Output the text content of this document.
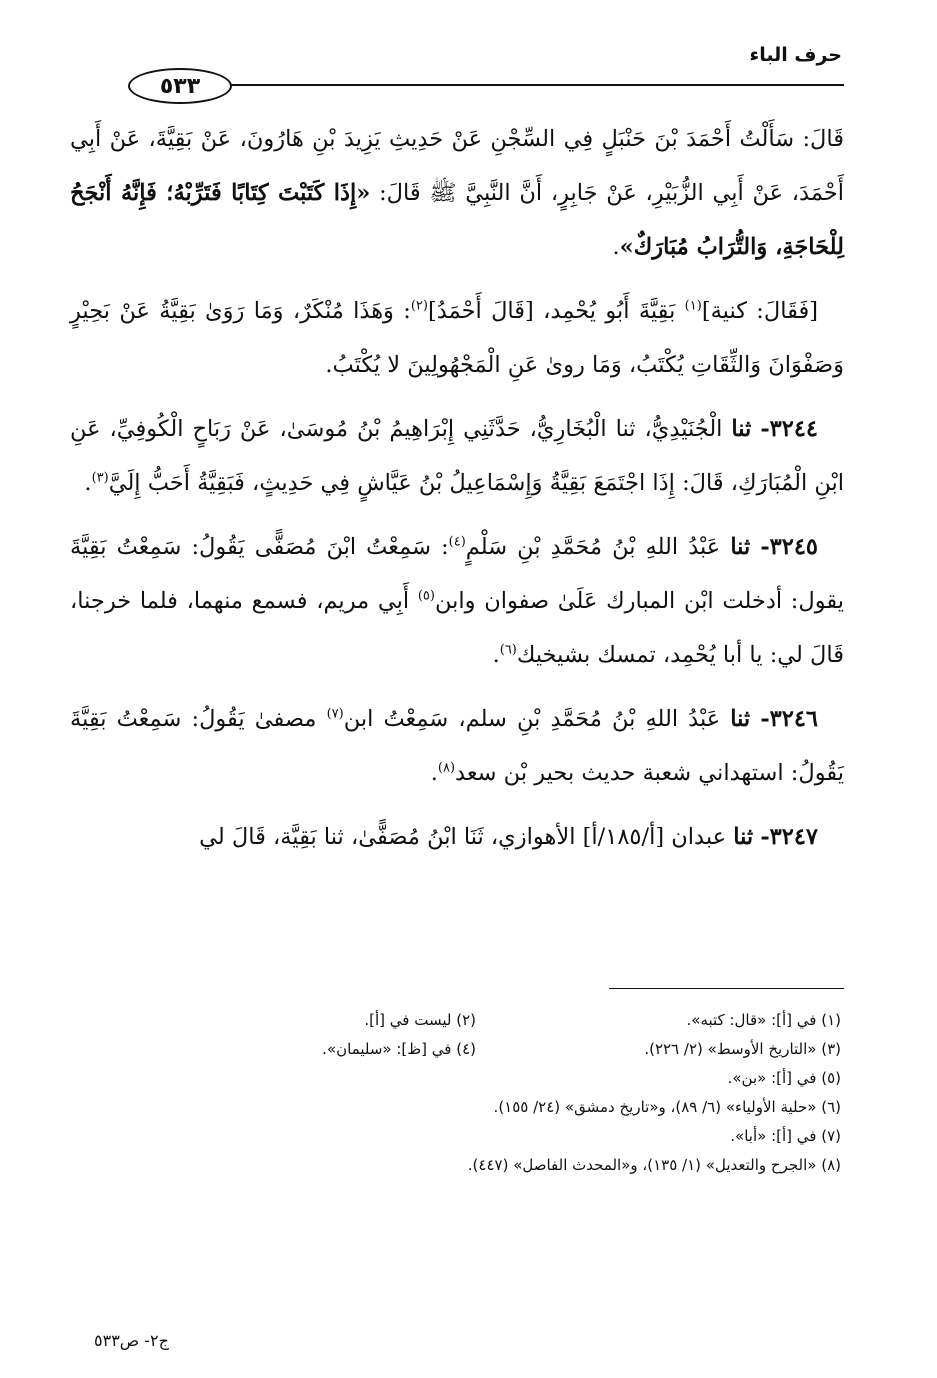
حرف الباء
٥٣٣

قَالَ: سَأَلْتُ أَحْمَدَ بْنَ حَنْبَلٍ فِي السِّجْنِ عَنْ حَدِيثِ يَزِيدَ بْنِ هَارُونَ، عَنْ بَقِيَّةَ، عَنْ أَبِي أَحْمَدَ، عَنْ أَبِي الزُّبَيْرِ، عَنْ جَابِرٍ، أَنَّ النَّبِيَّ ﷺ قَالَ: «إِذَا كَتَبْتَ كِتَابًا فَتَرِّبْهُ؛ فَإِنَّهُ أَنْجَحُ لِلْحَاجَةِ، وَالتُّرَابُ مُبَارَكٌ».

[فَقَالَ: كنية]$^{(١)}$ بَقِيَّةَ أَبُو يُحْمِد، [قَالَ أَحْمَدُ]$^{(٢)}$: وَهَذَا مُنْكَرٌ، وَمَا رَوَىٰ بَقِيَّةُ عَنْ بَحِيْرٍ وَصَفْوَانَ وَالثِّقَاتِ يُكْتَبُ، وَمَا روىٰ عَنِ الْمَجْهُولِينَ لا يُكْتَبُ.

٣٢٤٤- ثنا الْجُنَيْدِيُّ، ثنا الْبُخَارِيُّ، حَدَّثَنِي إِبْرَاهِيمُ بْنُ مُوسَىٰ، عَنْ رَبَاحٍ الْكُوفِيِّ، عَنِ ابْنِ الْمُبَارَكِ، قَالَ: إِذَا اجْتَمَعَ بَقِيَّةُ وَإِسْمَاعِيلُ بْنُ عَيَّاشٍ فِي حَدِيثٍ، فَبَقِيَّةُ أَحَبُّ إِلَيَّ$^{(٣)}$.

٣٢٤٥- ثنا عَبْدُ اللهِ بْنُ مُحَمَّدِ بْنِ سَلْمٍ$^{(٤)}$: سَمِعْتُ ابْنَ مُصَفًّى يَقُولُ: سَمِعْتُ بَقِيَّةَ يقول: أدخلت ابْن المبارك عَلَىٰ صفوان وابن$^{(٥)}$ أَبِي مريم، فسمع منهما، فلما خرجنا، قَالَ لي: يا أبا يُحْمِد، تمسك بشيخيك$^{(٦)}$.

٣٢٤٦- ثنا عَبْدُ اللهِ بْنُ مُحَمَّدِ بْنِ سلم، سَمِعْتُ ابن$^{(٧)}$ مصفىٰ يَقُولُ: سَمِعْتُ بَقِيَّةَ يَقُولُ: استهداني شعبة حديث بحير بْن سعد$^{(٨)}$.

٣٢٤٧- ثنا عبدان [أ/١٨٥/أ] الأهوازي، ثَنَا ابْنُ مُصَفًّىٰ، ثنا بَقِيَّة، قَالَ لي

(١) في [أ]: «قال: كتبه».

(٢) ليست في [أ].

(٣) «التاريخ الأوسط» (٢/ ٢٢٦).

(٤) في [ظ]: «سليمان».

(٥) في [أ]: «بن».

(٦) «حلية الأولياء» (٦/ ٨٩)، و«تاريخ دمشق» (٢٤/ ١٥٥).

(٧) في [أ]: «أبا».

(٨) «الجرح والتعديل» (١/ ١٣٥)، و«المحدث الفاصل» (٤٤٧).

ج٢- ص٥٣٣
